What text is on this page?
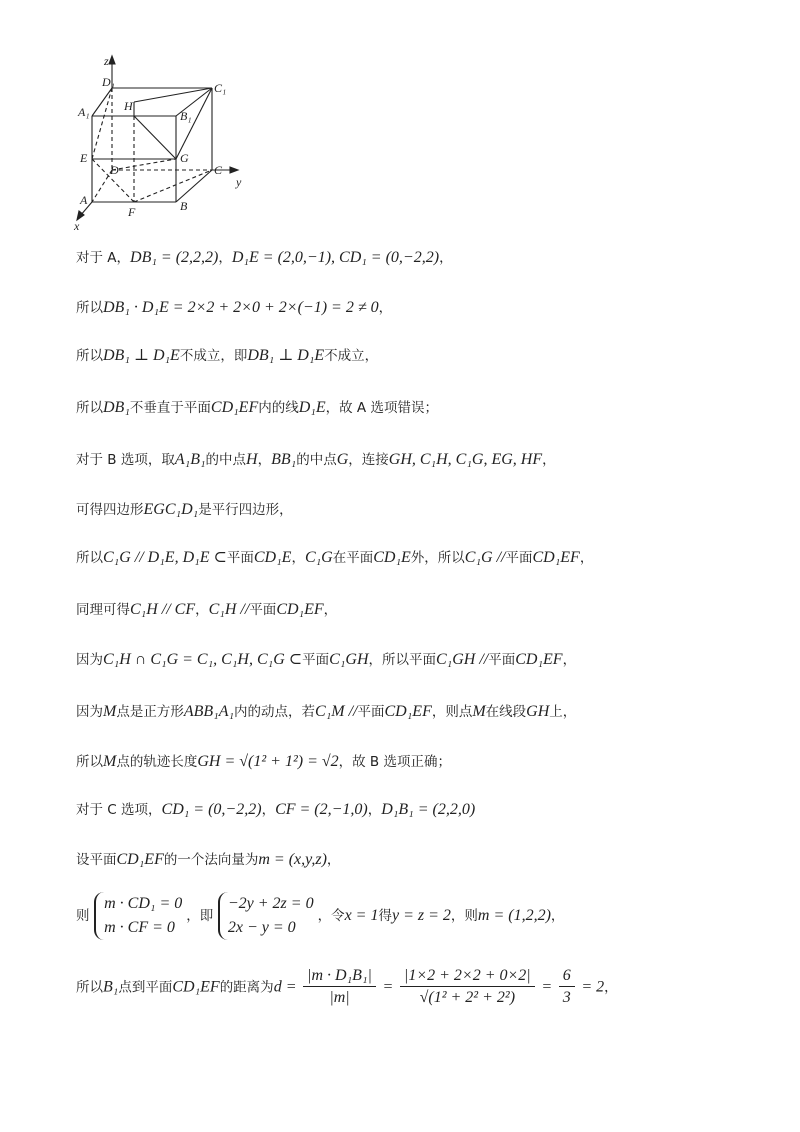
z
y
x
D₁	C₁
A₁	B₁
H
E	G
D	C
A
F	B
对于 A，DB₁ = (2,2,2)，D₁E = (2,0,−1), CD₁ = (0,−2,2)，
所以DB₁ · D₁E = 2×2 + 2×0 + 2×(−1) = 2 ≠ 0，
所以DB₁ ⊥ D₁E不成立，即DB₁ ⊥ D₁E不成立，
所以DB₁不垂直于平面CD₁EF内的线D₁E，故 A 选项错误；
对于 B 选项，取A₁B₁的中点H，BB₁的中点G，连接GH, C₁H, C₁G, EG, HF，
可得四边形EGC₁D₁是平行四边形，
所以C₁G // D₁E, D₁E ⊂平面CD₁E，C₁G在平面CD₁E外，所以C₁G //平面CD₁EF，
同理可得C₁H // CF，C₁H //平面CD₁EF，
因为C₁H ∩ C₁G = C₁, C₁H, C₁G ⊂平面C₁GH，所以平面C₁GH //平面CD₁EF，
因为M点是正方形ABB₁A₁内的动点，若C₁M //平面CD₁EF，则点M在线段GH上，
所以M点的轨迹长度GH = √(1² + 1²) = √2，故 B 选项正确；
对于 C 选项，CD₁ = (0,−2,2)，CF = (2,−1,0)，D₁B₁ = (2,2,0)
设平面CD₁EF的一个法向量为m = (x,y,z)，
则
m · CD₁ = 0
m · CF = 0
，即
−2y + 2z = 0
2x − y = 0
，令x = 1得y = z = 2，则m = (1,2,2)，
所以B₁点到平面CD₁EF的距离为$d = \frac{\text{|m · D₁B₁|}}{|m|} = \frac{|1\times 2 + 2\times 2 + 0\times 2|}{\text{√(1² + 2² + 2²)}} = \frac{6}{3} = 2$，
